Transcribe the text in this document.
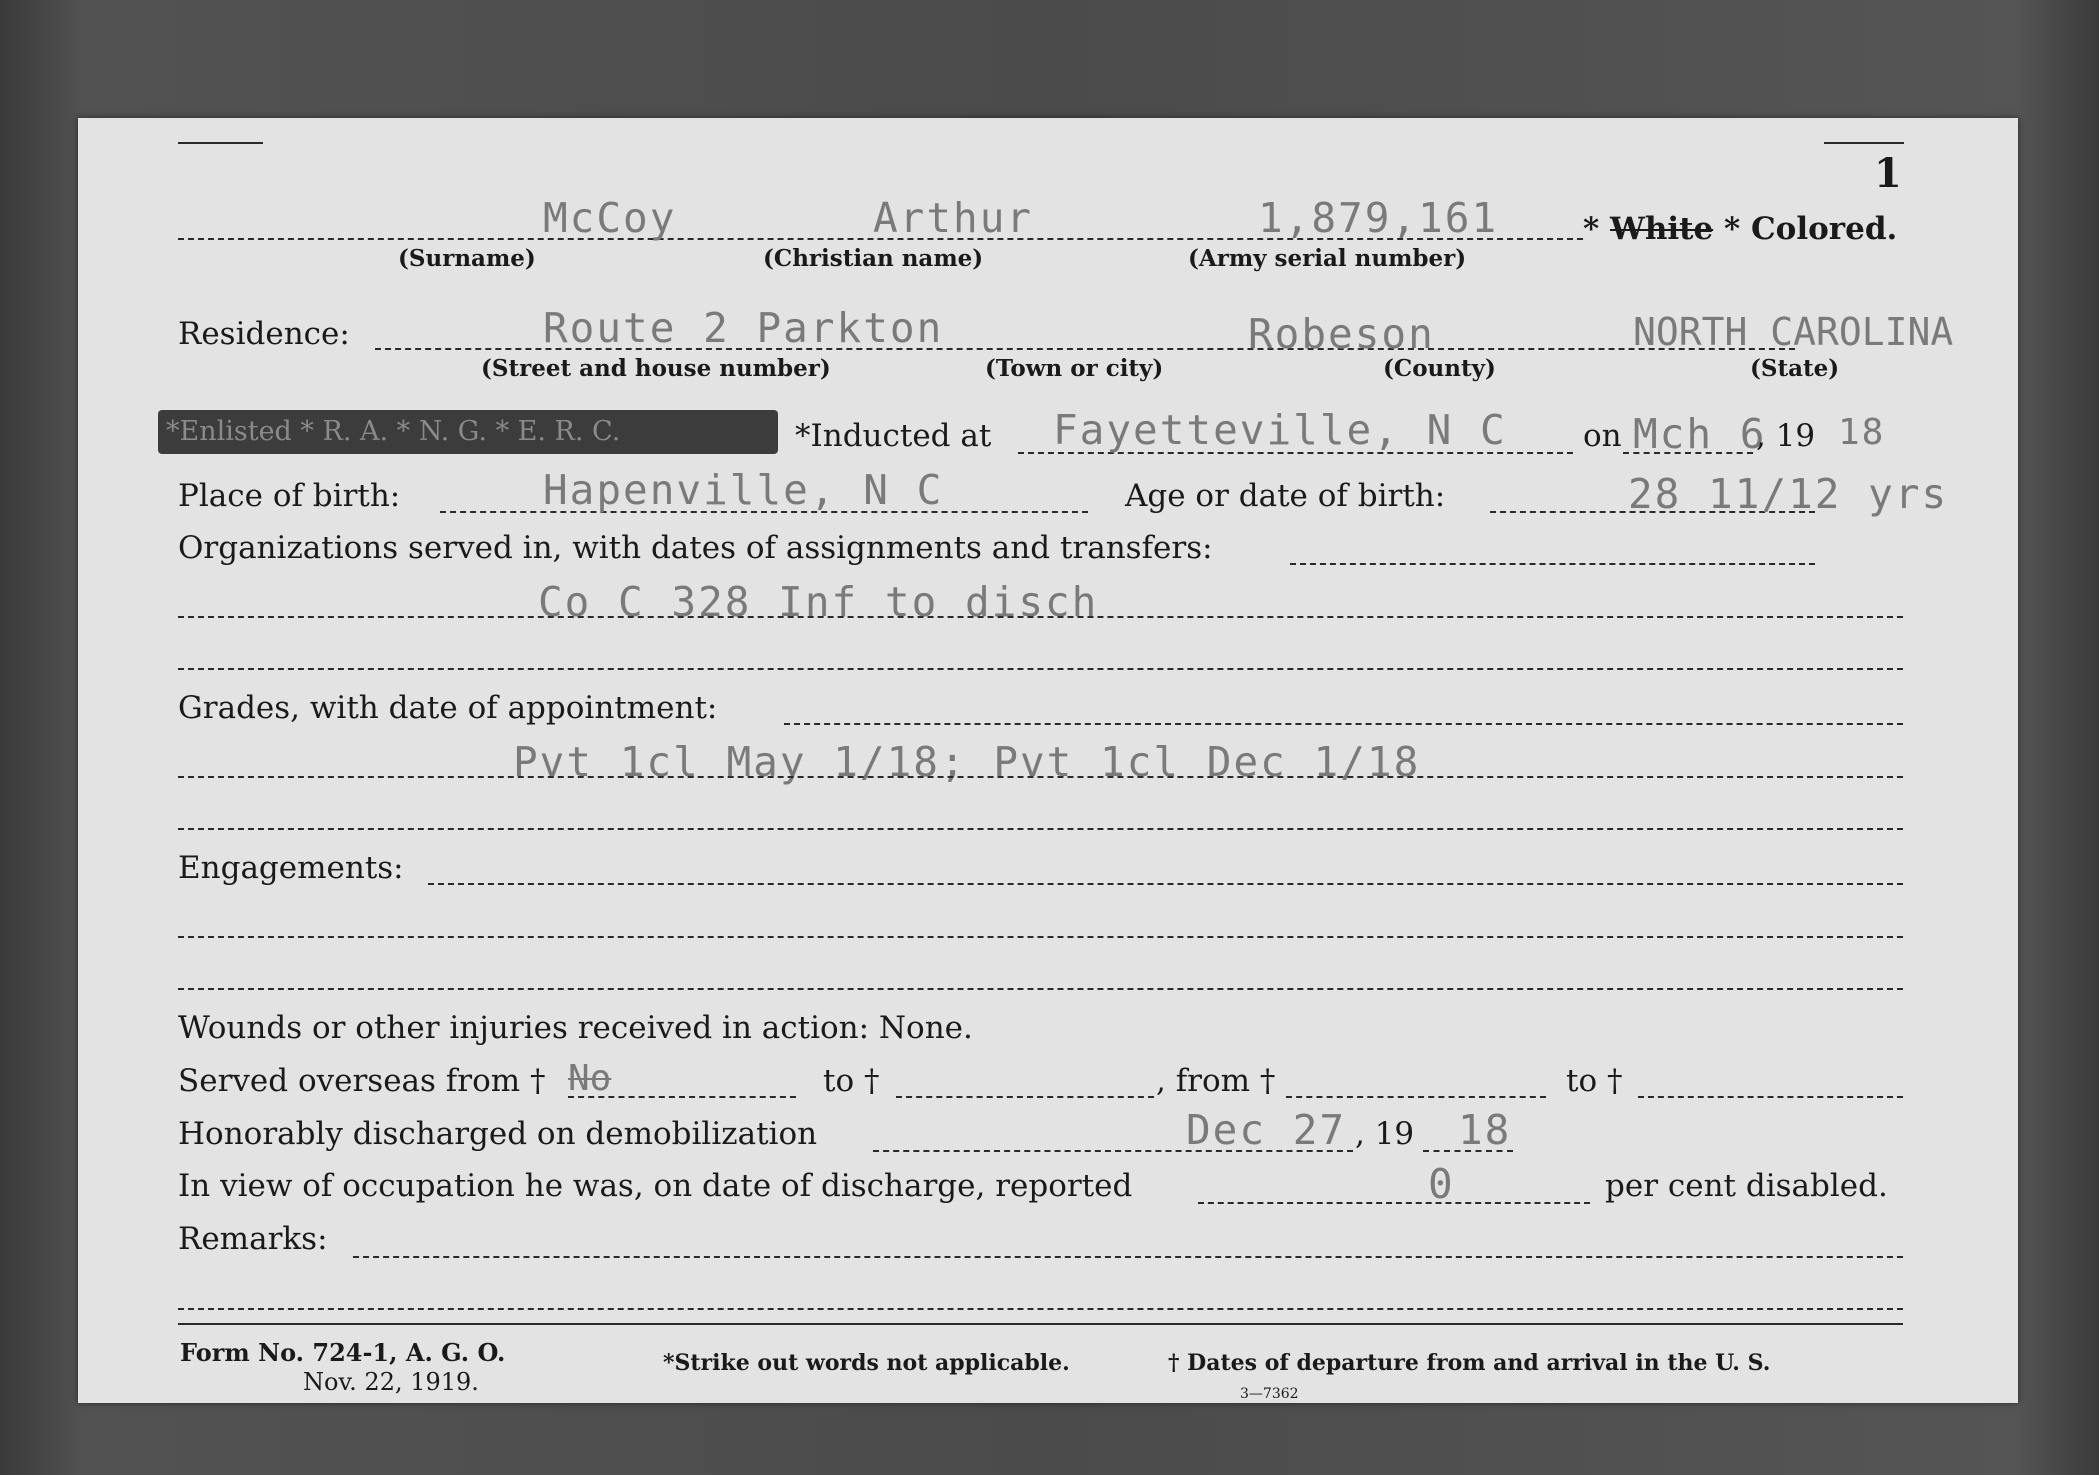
1
McCoy	Arthur	1,879,161	* White * Colored.
(Surname)	(Christian name)	(Army serial number)
Residence:	Route 2 Parkton	Robeson	NORTH CAROLINA
(Street and house number)	(Town or city)	(County)	(State)
*Enlisted * R. A. * N. G. * E. R. C.	*Inducted at Fayetteville, N C on Mch 6
, 19 18
Place of birth:	Hapenville, N C	Age or date of birth:	28 11/12 yrs
Organizations served in, with dates of assignments and transfers:
Co C 328 Inf to disch
Grades, with date of appointment:
Pvt 1cl May 1/18; Pvt 1cl Dec 1/18
Engagements:
Wounds or other injuries received in action: None.
Served overseas from † No	to †	, from †	to †
Honorably discharged on demobilization	Dec 27 , 19 18
In view of occupation he was, on date of discharge, reported	0	per cent disabled.
Remarks:
Form No. 724-1, A. G. O.
Nov. 22, 1919.
*Strike out words not applicable.	† Dates of departure from and arrival in the U. S.
3—7362
